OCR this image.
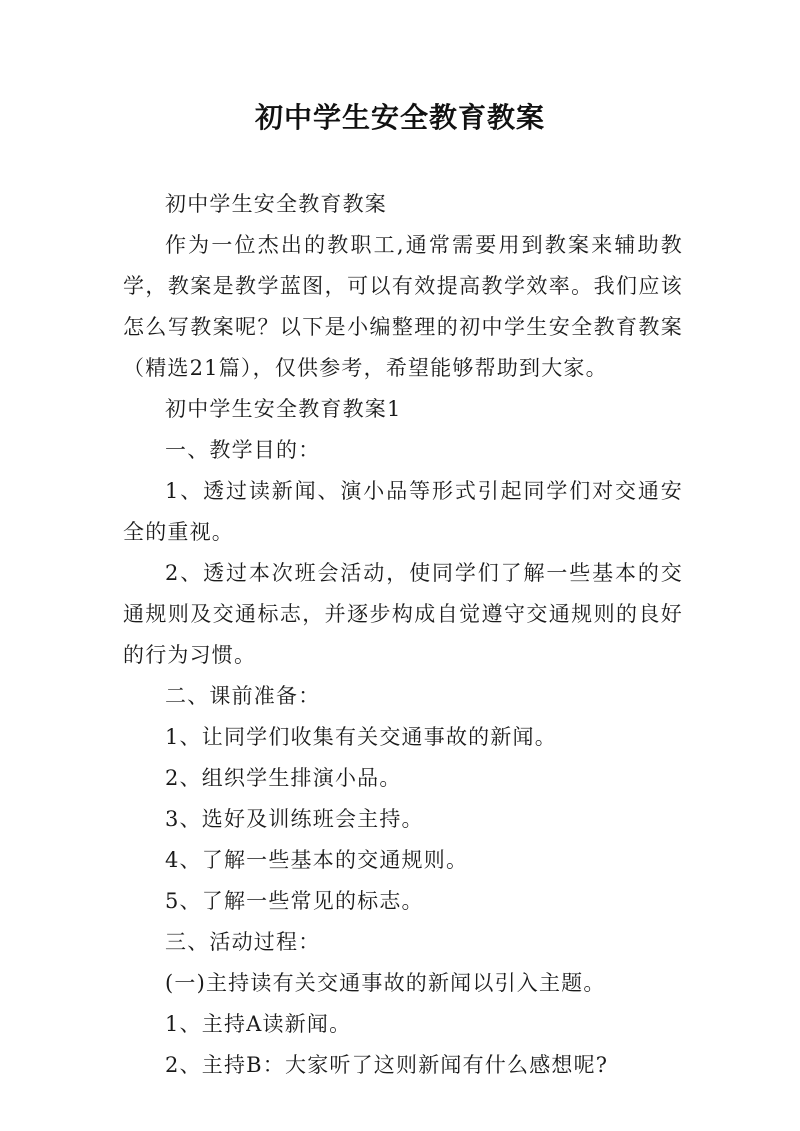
初中学生安全教育教案

初中学生安全教育教案

作为一位杰出的教职工,通常需要用到教案来辅助教学，教案是教学蓝图，可以有效提高教学效率。我们应该怎么写教案呢？以下是小编整理的初中学生安全教育教案（精选21篇），仅供参考，希望能够帮助到大家。

初中学生安全教育教案1

一、教学目的：

1、透过读新闻、演小品等形式引起同学们对交通安全的重视。

2、透过本次班会活动，使同学们了解一些基本的交通规则及交通标志，并逐步构成自觉遵守交通规则的良好的行为习惯。

二、课前准备：

1、让同学们收集有关交通事故的新闻。

2、组织学生排演小品。

3、选好及训练班会主持。

4、了解一些基本的交通规则。

5、了解一些常见的标志。

三、活动过程：

(一)主持读有关交通事故的新闻以引入主题。

1、主持A读新闻。

2、主持B：大家听了这则新闻有什么感想呢?
